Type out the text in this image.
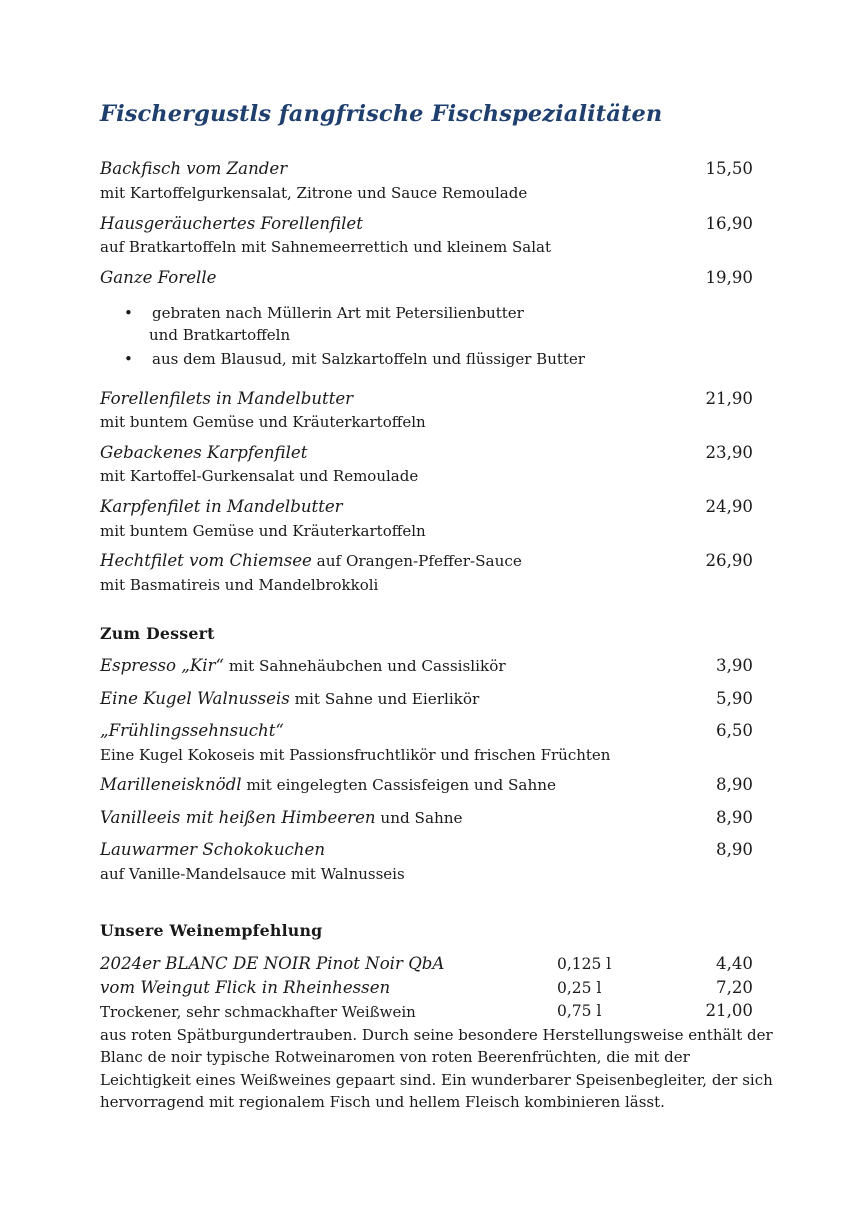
Fischergustls fangfrische Fischspezialitäten
Backfisch vom Zander	15,50
mit Kartoffelgurkensalat, Zitrone und Sauce Remoulade
Hausgeräuchertes Forellenfilet	16,90
auf Bratkartoffeln mit Sahnemeerrettich und kleinem Salat
Ganze Forelle	19,90
• gebraten nach Müllerin Art mit Petersilienbutter
und Bratkartoffeln
• aus dem Blausud, mit Salzkartoffeln und flüssiger Butter
Forellenfilets in Mandelbutter	21,90
mit buntem Gemüse und Kräuterkartoffeln
Gebackenes Karpfenfilet	23,90
mit Kartoffel-Gurkensalat und Remoulade
Karpfenfilet in Mandelbutter	24,90
mit buntem Gemüse und Kräuterkartoffeln
Hechtfilet vom Chiemsee auf Orangen-Pfeffer-Sauce	26,90
mit Basmatireis und Mandelbrokkoli
Zum Dessert
Espresso „Kir“ mit Sahnehäubchen und Cassislikör	3,90
Eine Kugel Walnusseis mit Sahne und Eierlikör	5,90
„Frühlingssehnsucht“	6,50
Eine Kugel Kokoseis mit Passionsfruchtlikör und frischen Früchten
Marilleneisknödl mit eingelegten Cassisfeigen und Sahne	8,90
Vanilleeis mit heißen Himbeeren und Sahne	8,90
Lauwarmer Schokokuchen	8,90
auf Vanille-Mandelsauce mit Walnusseis
Unsere Weinempfehlung
2024er BLANC DE NOIR Pinot Noir QbA	0,125 l	4,40
vom Weingut Flick in Rheinhessen	0,25 l	7,20
Trockener, sehr schmackhafter Weißwein	0,75 l	21,00
aus roten Spätburgundertrauben. Durch seine besondere Herstellungsweise enthält der Blanc de noir typische Rotweinaromen von roten Beerenfrüchten, die mit der Leichtigkeit eines Weißweines gepaart sind. Ein wunderbarer Speisenbegleiter, der sich hervorragend mit regionalem Fisch und hellem Fleisch kombinieren lässt.
